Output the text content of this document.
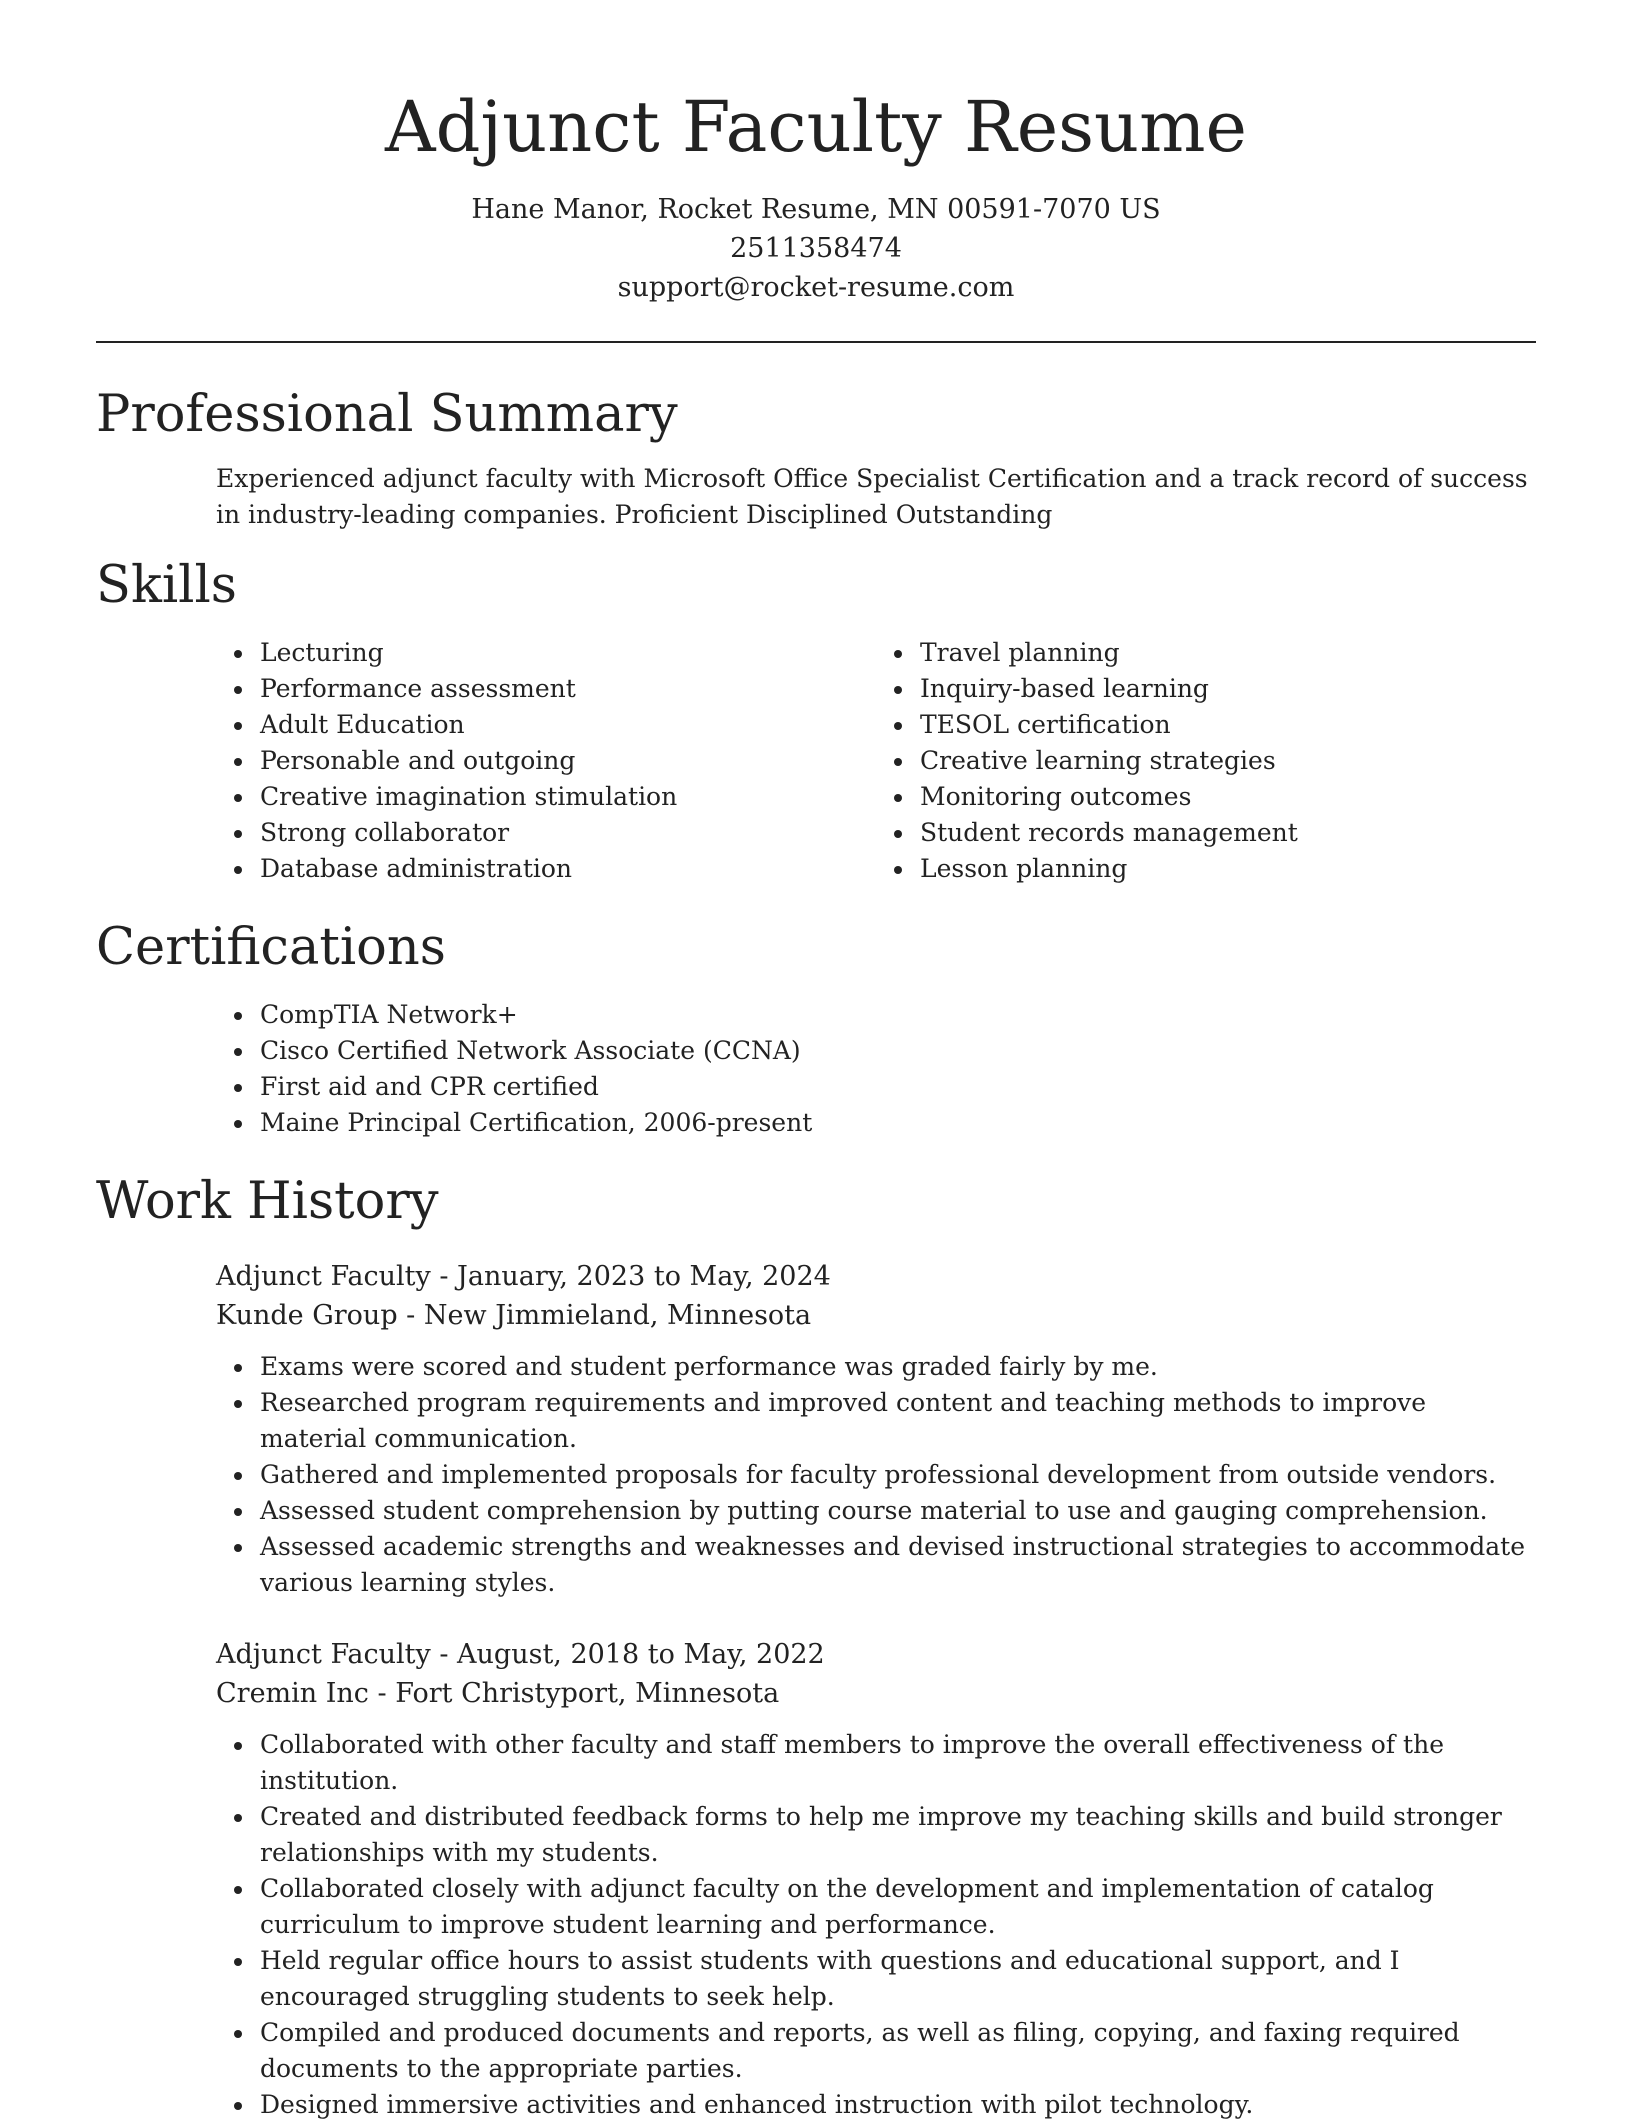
Adjunct Faculty Resume
Hane Manor, Rocket Resume, MN 00591-7070 US
2511358474
support@rocket-resume.com
Professional Summary

Experienced adjunct faculty with Microsoft Office Specialist Certification and a track record of success in industry-leading companies. Proficient Disciplined Outstanding

Skills
• Lecturing
• Performance assessment
• Adult Education
• Personable and outgoing
• Creative imagination stimulation
• Strong collaborator
• Database administration
• Travel planning
• Inquiry-based learning
• TESOL certification
• Creative learning strategies
• Monitoring outcomes
• Student records management
• Lesson planning
Certifications
• CompTIA Network+
• Cisco Certified Network Associate (CCNA)
• First aid and CPR certified
• Maine Principal Certification, 2006-present
Work History
Adjunct Faculty - January, 2023 to May, 2024
Kunde Group - New Jimmieland, Minnesota
• Exams were scored and student performance was graded fairly by me.
• Researched program requirements and improved content and teaching methods to improve material communication.
• Gathered and implemented proposals for faculty professional development from outside vendors.
• Assessed student comprehension by putting course material to use and gauging comprehension.
• Assessed academic strengths and weaknesses and devised instructional strategies to accommodate various learning styles.
Adjunct Faculty - August, 2018 to May, 2022
Cremin Inc - Fort Christyport, Minnesota
• Collaborated with other faculty and staff members to improve the overall effectiveness of the institution.
• Created and distributed feedback forms to help me improve my teaching skills and build stronger relationships with my students.
• Collaborated closely with adjunct faculty on the development and implementation of catalog curriculum to improve student learning and performance.
• Held regular office hours to assist students with questions and educational support, and I encouraged struggling students to seek help.
• Compiled and produced documents and reports, as well as filing, copying, and faxing required documents to the appropriate parties.
• Designed immersive activities and enhanced instruction with pilot technology.
